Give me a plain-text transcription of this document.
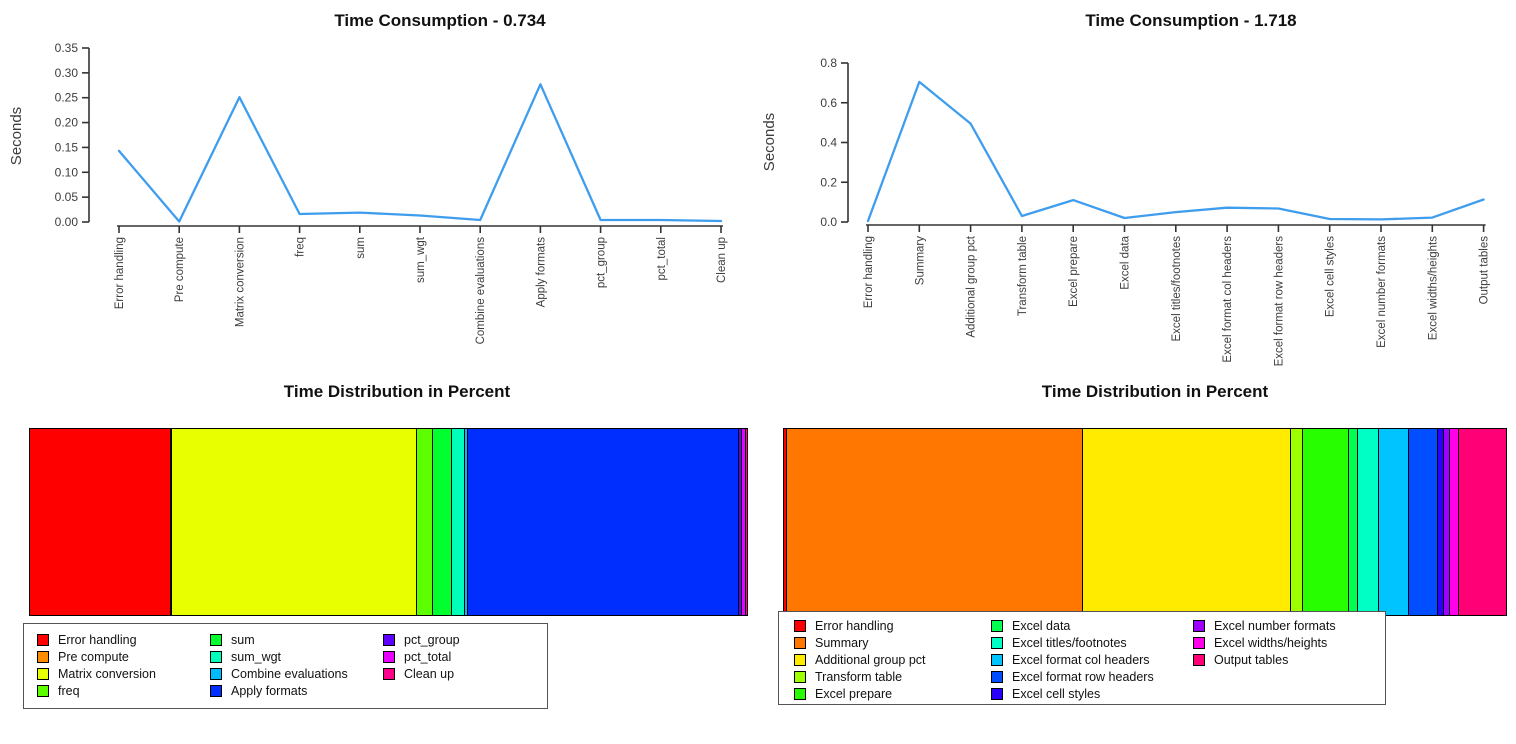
Time Consumption - 0.734	Time Consumption - 1.718
Seconds	Seconds
0.00
0.05
0.10
0.15
0.20
0.25
0.30
0.35
Error handling	Pre compute	Matrix conversion	freq	sum	sum_wgt	Combine evaluations	Apply formats	pct_group	pct_total	Clean up
0.0
0.2
0.4
0.6
0.8
Error handling	Summary	Additional group pct	Transform table	Excel prepare	Excel data	Excel titles/footnotes	Excel format col headers	Excel format row headers	Excel cell styles	Excel number formats	Excel widths/heights	Output tables
Time Distribution in Percent	Time Distribution in Percent
Error handling
Pre compute
Matrix conversion
freq
sum
sum_wgt
Combine evaluations
Apply formats
pct_group
pct_total
Clean up
Error handling
Summary
Additional group pct
Transform table
Excel prepare
Excel data
Excel titles/footnotes
Excel format col headers
Excel format row headers
Excel cell styles
Excel number formats
Excel widths/heights
Output tables
